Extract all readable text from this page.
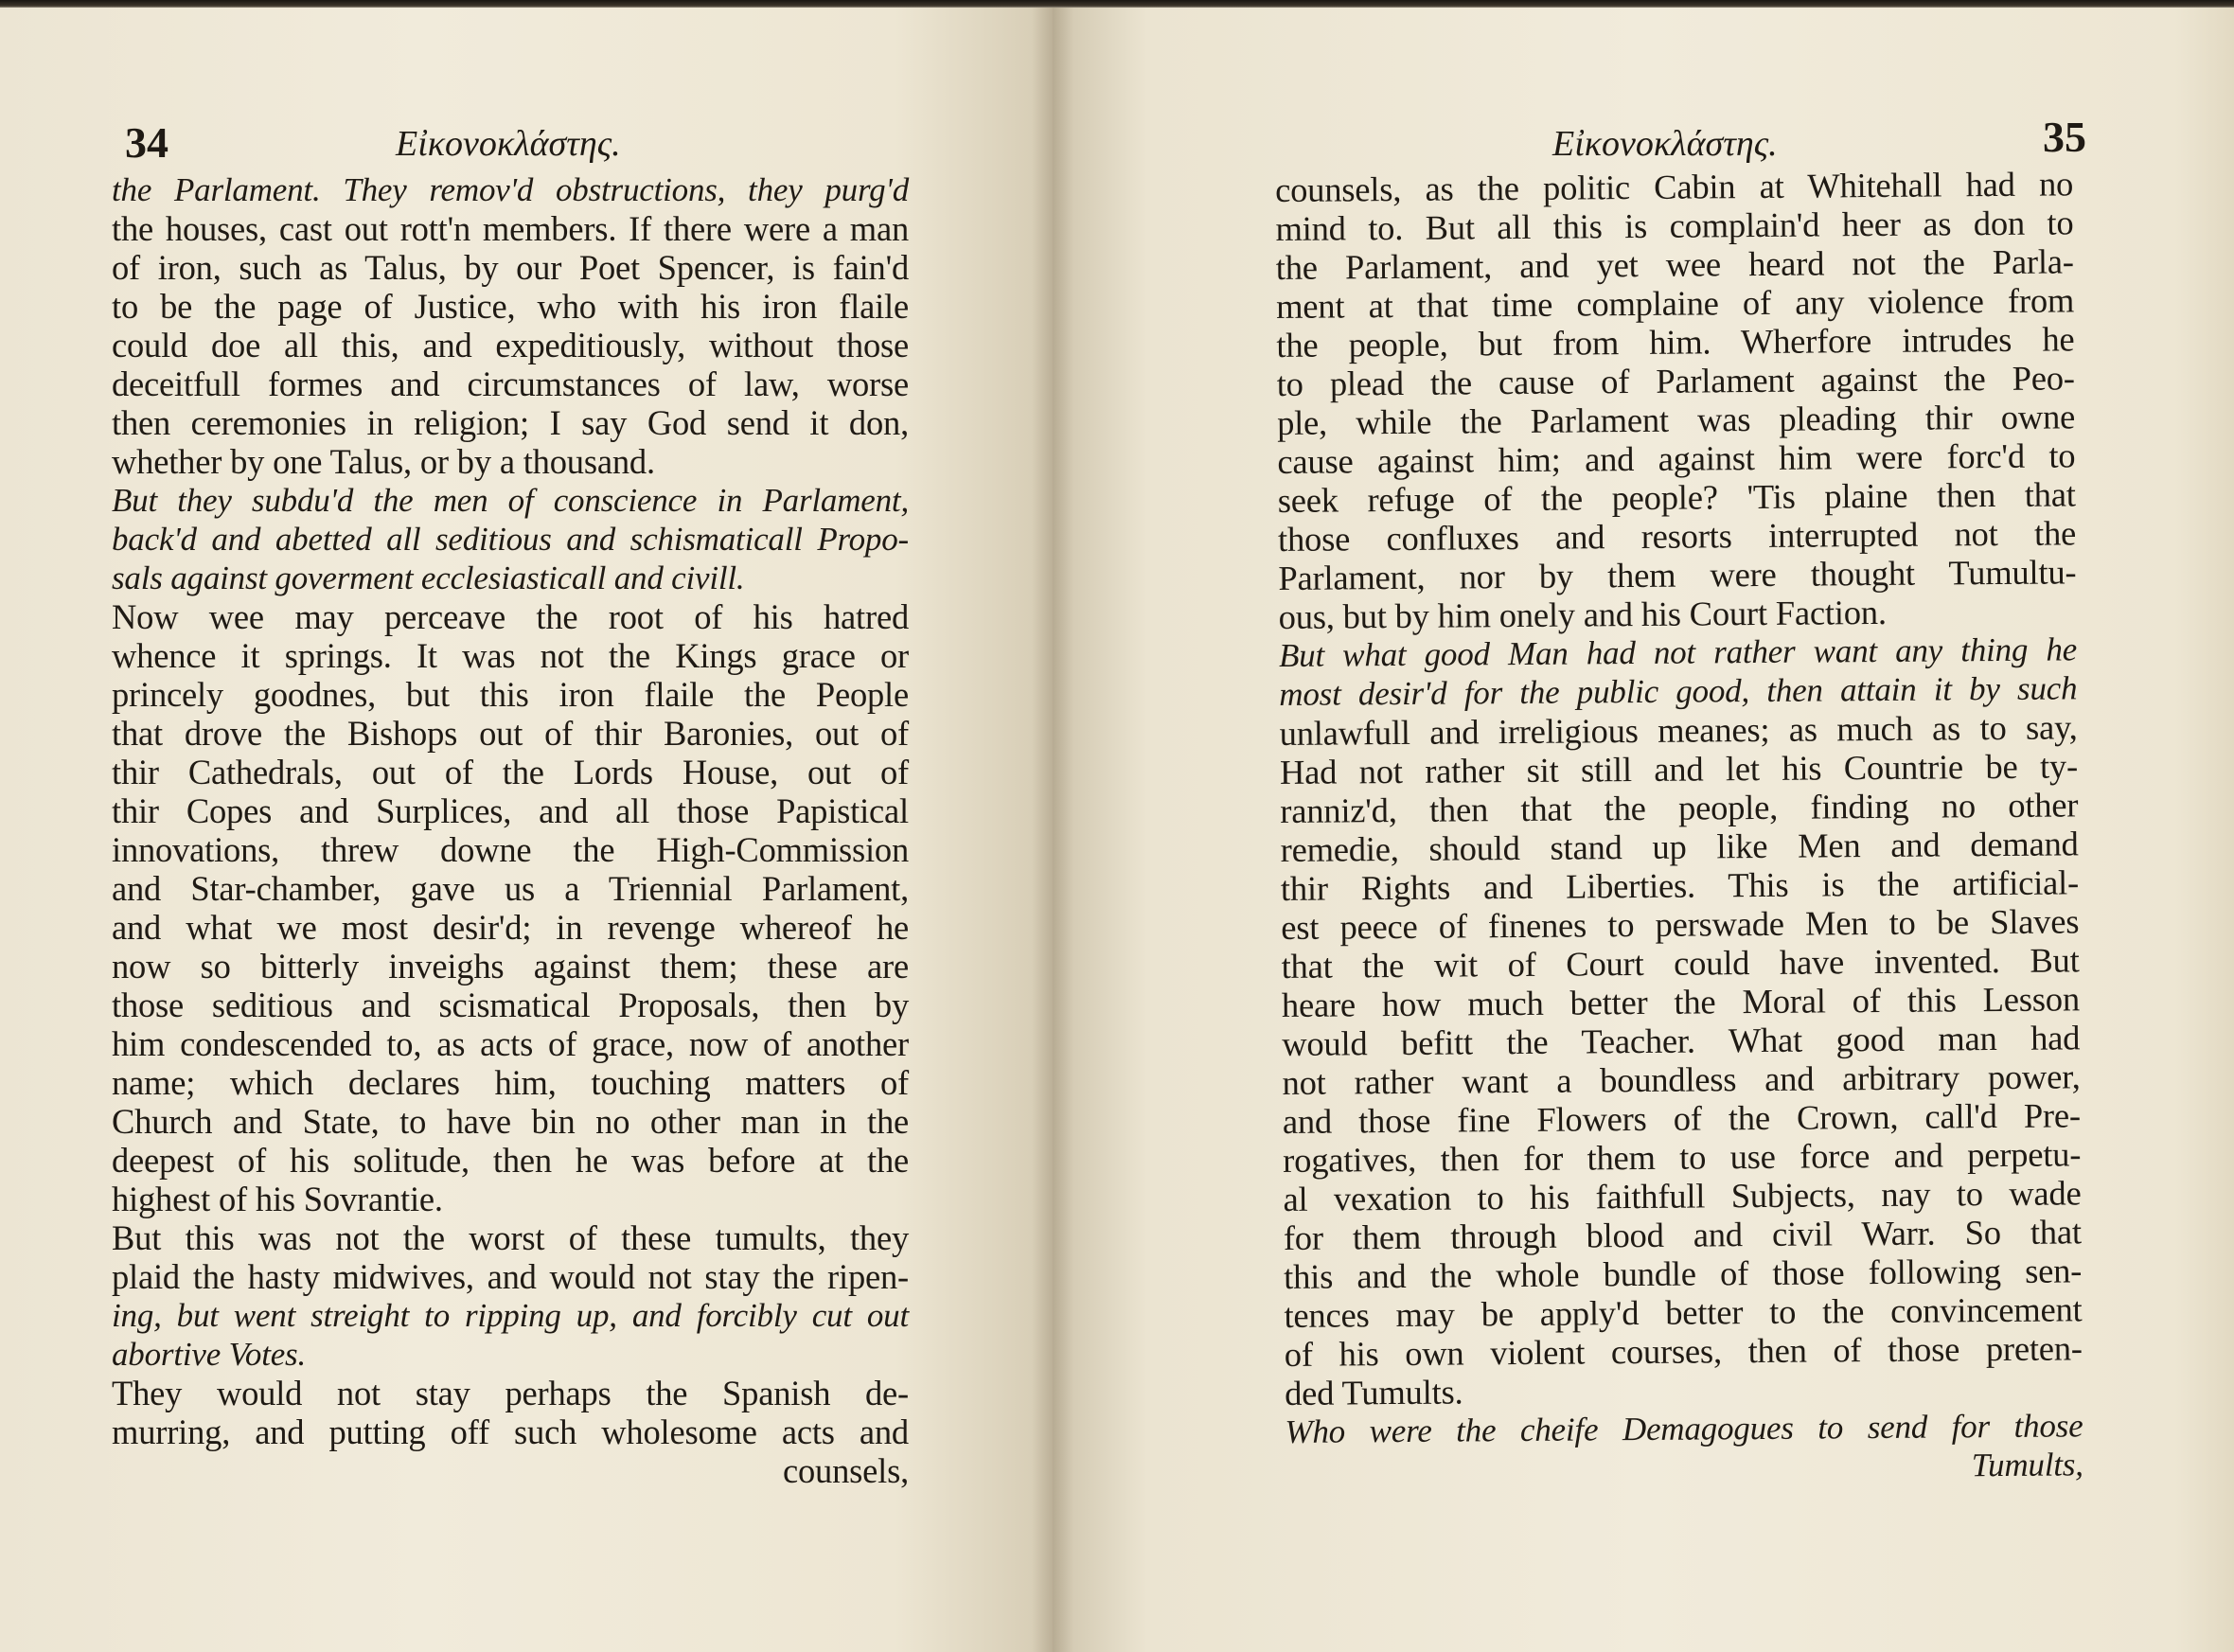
34	Eἰκονοκλάστης.
the Parlament. They remov'd obstructions, they purg'd
the houses, cast out rott'n members. If there were a man
of iron, such as Talus, by our Poet Spencer, is fain'd
to be the page of Justice, who with his iron flaile
could doe all this, and expeditiously, without those
deceitfull formes and circumstances of law, worse
then ceremonies in religion; I say God send it don,
whether by one Talus, or by a thousand.
But they subdu'd the men of conscience in Parlament,
back'd and abetted all seditious and schismaticall Propo-
sals against goverment ecclesiasticall and civill.
Now wee may perceave the root of his hatred
whence it springs. It was not the Kings grace or
princely goodnes, but this iron flaile the People
that drove the Bishops out of thir Baronies, out of
thir Cathedrals, out of the Lords House, out of
thir Copes and Surplices, and all those Papistical
innovations, threw downe the High-Commission
and Star-chamber, gave us a Triennial Parlament,
and what we most desir'd; in revenge whereof he
now so bitterly inveighs against them; these are
those seditious and scismatical Proposals, then by
him condescended to, as acts of grace, now of another
name; which declares him, touching matters of
Church and State, to have bin no other man in the
deepest of his solitude, then he was before at the
highest of his Sovrantie.
But this was not the worst of these tumults, they
plaid the hasty midwives, and would not stay the ripen-
ing, but went streight to ripping up, and forcibly cut out
abortive Votes.
They would not stay perhaps the Spanish de-
murring, and putting off such wholesome acts and
counsels,
Eἰκονοκλάστης.	35
counsels, as the politic Cabin at Whitehall had no
mind to. But all this is complain'd heer as don to
the Parlament, and yet wee heard not the Parla-
ment at that time complaine of any violence from
the people, but from him. Wherfore intrudes he
to plead the cause of Parlament against the Peo-
ple, while the Parlament was pleading thir owne
cause against him; and against him were forc'd to
seek refuge of the people? 'Tis plaine then that
those confluxes and resorts interrupted not the
Parlament, nor by them were thought Tumultu-
ous, but by him onely and his Court Faction.
But what good Man had not rather want any thing he
most desir'd for the public good, then attain it by such
unlawfull and irreligious meanes; as much as to say,
Had not rather sit still and let his Countrie be ty-
ranniz'd, then that the people, finding no other
remedie, should stand up like Men and demand
thir Rights and Liberties. This is the artificial-
est peece of finenes to perswade Men to be Slaves
that the wit of Court could have invented. But
heare how much better the Moral of this Lesson
would befitt the Teacher. What good man had
not rather want a boundless and arbitrary power,
and those fine Flowers of the Crown, call'd Pre-
rogatives, then for them to use force and perpetu-
al vexation to his faithfull Subjects, nay to wade
for them through blood and civil Warr. So that
this and the whole bundle of those following sen-
tences may be apply'd better to the convincement
of his own violent courses, then of those preten-
ded Tumults.
Who were the cheife Demagogues to send for those
Tumults,
